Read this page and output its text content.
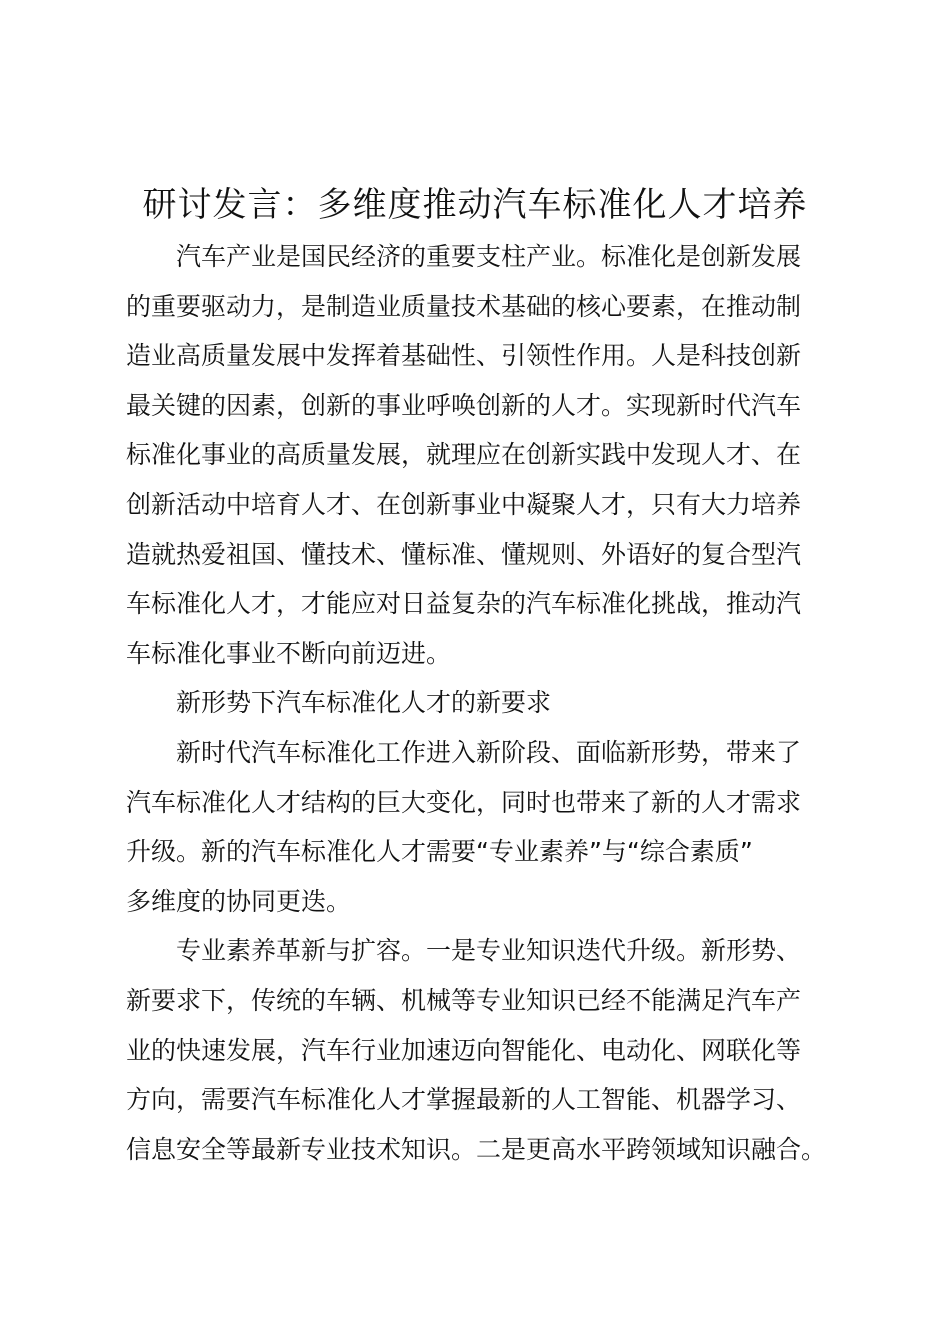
研讨发言：多维度推动汽车标准化人才培养

汽车产业是国民经济的重要支柱产业。标准化是创新发展

的重要驱动力，是制造业质量技术基础的核心要素，在推动制

造业高质量发展中发挥着基础性、引领性作用。人是科技创新

最关键的因素，创新的事业呼唤创新的人才。实现新时代汽车

标准化事业的高质量发展，就理应在创新实践中发现人才、在

创新活动中培育人才、在创新事业中凝聚人才，只有大力培养

造就热爱祖国、懂技术、懂标准、懂规则、外语好的复合型汽

车标准化人才，才能应对日益复杂的汽车标准化挑战，推动汽

车标准化事业不断向前迈进。

新形势下汽车标准化人才的新要求

新时代汽车标准化工作进入新阶段、面临新形势，带来了

汽车标准化人才结构的巨大变化，同时也带来了新的人才需求

升级。新的汽车标准化人才需要“专业素养”与“综合素质”

多维度的协同更迭。

专业素养革新与扩容。一是专业知识迭代升级。新形势、

新要求下，传统的车辆、机械等专业知识已经不能满足汽车产

业的快速发展，汽车行业加速迈向智能化、电动化、网联化等

方向，需要汽车标准化人才掌握最新的人工智能、机器学习、

信息安全等最新专业技术知识。二是更高水平跨领域知识融合。
